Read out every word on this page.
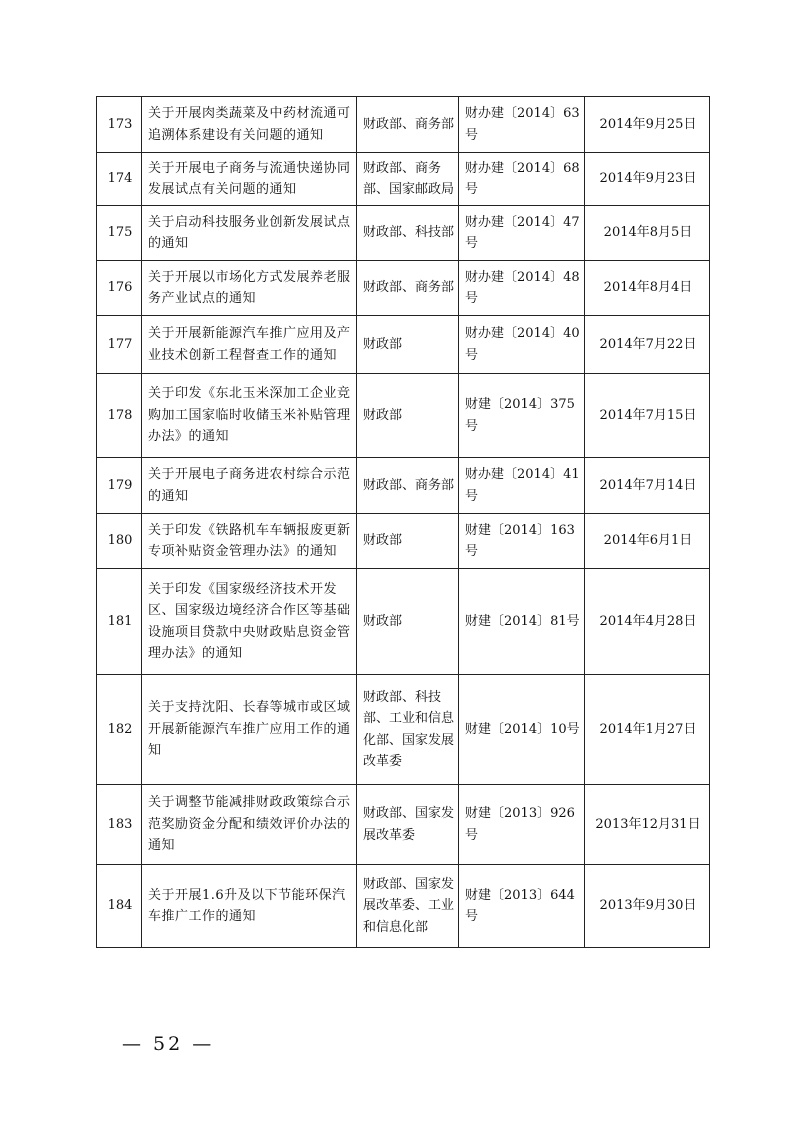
173	关于开展肉类蔬菜及中药材流通可追溯体系建设有关问题的通知	财政部、商务部	财办建〔2014〕63号	2014年9月25日

174	关于开展电子商务与流通快递协同发展试点有关问题的通知	财政部、商务部、国家邮政局	财办建〔2014〕68号	2014年9月23日

175	关于启动科技服务业创新发展试点的通知	财政部、科技部	财办建〔2014〕47号	2014年8月5日

176	关于开展以市场化方式发展养老服务产业试点的通知	财政部、商务部	财办建〔2014〕48号	2014年8月4日

177	关于开展新能源汽车推广应用及产业技术创新工程督查工作的通知	财政部	财办建〔2014〕40号	2014年7月22日

178	关于印发《东北玉米深加工企业竞购加工国家临时收储玉米补贴管理办法》的通知	财政部	财建〔2014〕375号	2014年7月15日

179	关于开展电子商务进农村综合示范的通知	财政部、商务部	财办建〔2014〕41号	2014年7月14日

180	关于印发《铁路机车车辆报废更新专项补贴资金管理办法》的通知	财政部	财建〔2014〕163号	2014年6月1日

181	关于印发《国家级经济技术开发区、国家级边境经济合作区等基础设施项目贷款中央财政贴息资金管理办法》的通知	财政部	财建〔2014〕81号	2014年4月28日

182	关于支持沈阳、长春等城市或区域开展新能源汽车推广应用工作的通知	财政部、科技部、工业和信息化部、国家发展改革委	财建〔2014〕10号	2014年1月27日

183	关于调整节能减排财政政策综合示范奖励资金分配和绩效评价办法的通知	财政部、国家发展改革委	财建〔2013〕926号	2013年12月31日

184	关于开展1.6升及以下节能环保汽车推广工作的通知	财政部、国家发展改革委、工业和信息化部	财建〔2013〕644号	2013年9月30日
— 52 —
